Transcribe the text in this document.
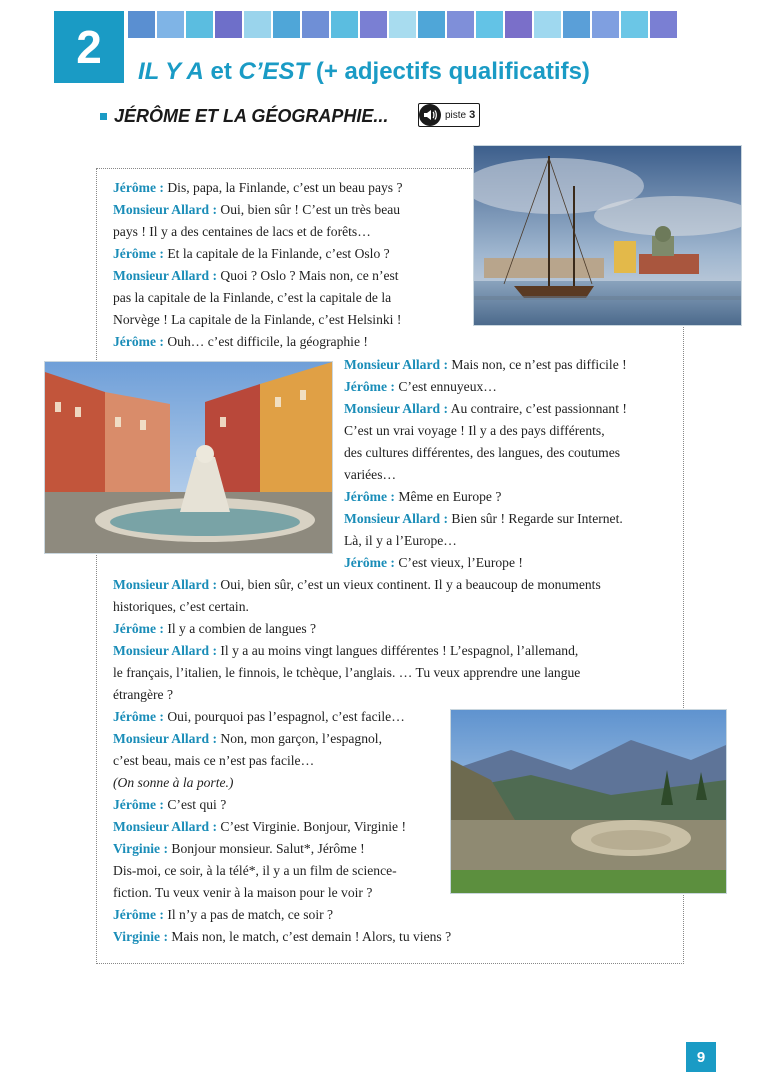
2	IL Y A et C’EST (+ adjectifs qualificatifs)
JÉRÔME ET LA GÉOGRAPHIE...	piste 3
Jérôme : Dis, papa, la Finlande, c’est un beau pays ?
Monsieur Allard : Oui, bien sûr ! C’est un très beau
pays ! Il y a des centaines de lacs et de forêts…
Jérôme : Et la capitale de la Finlande, c’est Oslo ?
Monsieur Allard : Quoi ? Oslo ? Mais non, ce n’est
pas la capitale de la Finlande, c’est la capitale de la
Norvège ! La capitale de la Finlande, c’est Helsinki !
Jérôme : Ouh… c’est difficile, la géographie !
Monsieur Allard : Mais non, ce n’est pas difficile !
Jérôme : C’est ennuyeux…
Monsieur Allard : Au contraire, c’est passionnant !
C’est un vrai voyage ! Il y a des pays différents,
des cultures différentes, des langues, des coutumes
variées…
Jérôme : Même en Europe ?
Monsieur Allard : Bien sûr ! Regarde sur Internet.
Là, il y a l’Europe…
Jérôme : C’est vieux, l’Europe !
Monsieur Allard : Oui, bien sûr, c’est un vieux continent. Il y a beaucoup de monuments
historiques, c’est certain.
Jérôme : Il y a combien de langues ?
Monsieur Allard : Il y a au moins vingt langues différentes ! L’espagnol, l’allemand,
le français, l’italien, le finnois, le tchèque, l’anglais. … Tu veux apprendre une langue
étrangère ?
Jérôme : Oui, pourquoi pas l’espagnol, c’est facile…
Monsieur Allard : Non, mon garçon, l’espagnol,
c’est beau, mais ce n’est pas facile…
(On sonne à la porte.)
Jérôme : C’est qui ?
Monsieur Allard : C’est Virginie. Bonjour, Virginie !
Virginie : Bonjour monsieur. Salut*, Jérôme !
Dis-moi, ce soir, à la télé*, il y a un film de science-
fiction. Tu veux venir à la maison pour le voir ?
Jérôme : Il n’y a pas de match, ce soir ?
Virginie : Mais non, le match, c’est demain ! Alors, tu viens ?
9
